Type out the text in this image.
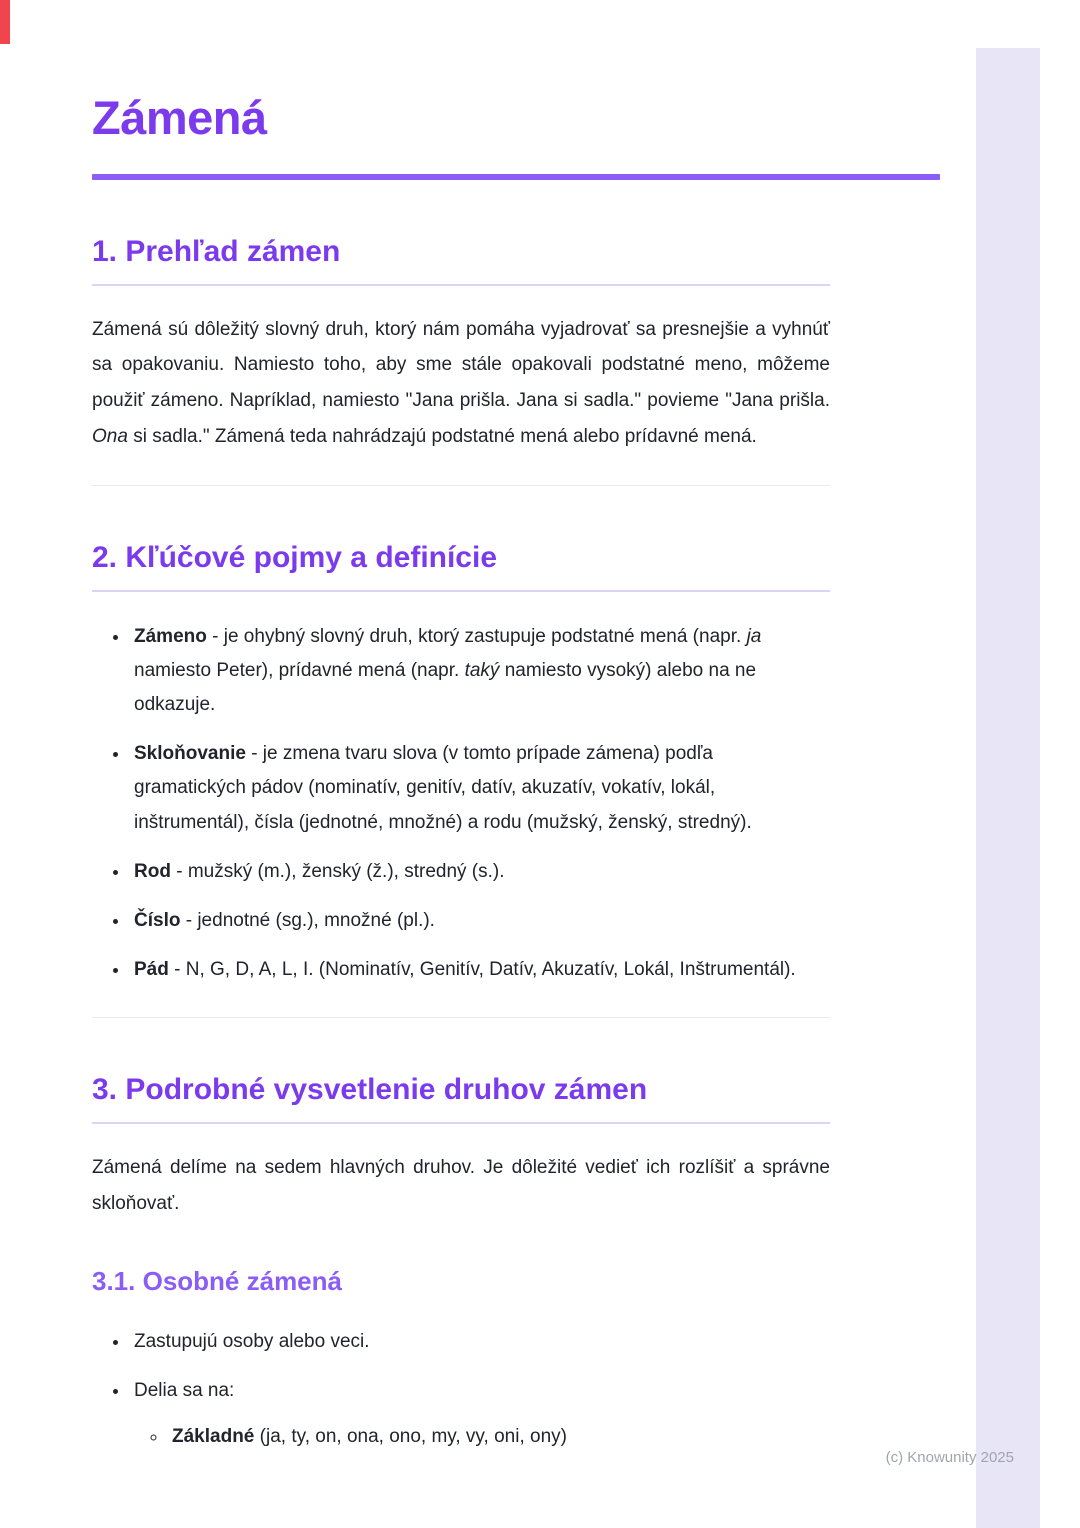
Zámená
1. Prehľad zámen

Zámená sú dôležitý slovný druh, ktorý nám pomáha vyjadrovať sa presnejšie a vyhnúť sa opakovaniu. Namiesto toho, aby sme stále opakovali podstatné meno, môžeme použiť zámeno. Napríklad, namiesto "Jana prišla. Jana si sadla." povieme "Jana prišla. Ona si sadla." Zámená teda nahrádzajú podstatné mená alebo prídavné mená.

2. Kľúčové pojmy a definície
• Zámeno - je ohybný slovný druh, ktorý zastupuje podstatné mená (napr. ja namiesto Peter), prídavné mená (napr. taký namiesto vysoký) alebo na ne odkazuje.
• Skloňovanie - je zmena tvaru slova (v tomto prípade zámena) podľa gramatických pádov (nominatív, genitív, datív, akuzatív, vokatív, lokál, inštrumentál), čísla (jednotné, množné) a rodu (mužský, ženský, stredný).
• Rod - mužský (m.), ženský (ž.), stredný (s.).
• Číslo - jednotné (sg.), množné (pl.).
• Pád - N, G, D, A, L, I. (Nominatív, Genitív, Datív, Akuzatív, Lokál, Inštrumentál).
3. Podrobné vysvetlenie druhov zámen

Zámená delíme na sedem hlavných druhov. Je dôležité vedieť ich rozlíšiť a správne skloňovať.

3.1. Osobné zámená
• Zastupujú osoby alebo veci.
• Delia sa na:
◦ Základné (ja, ty, on, ona, ono, my, vy, oni, ony)
(c) Knowunity 2025
